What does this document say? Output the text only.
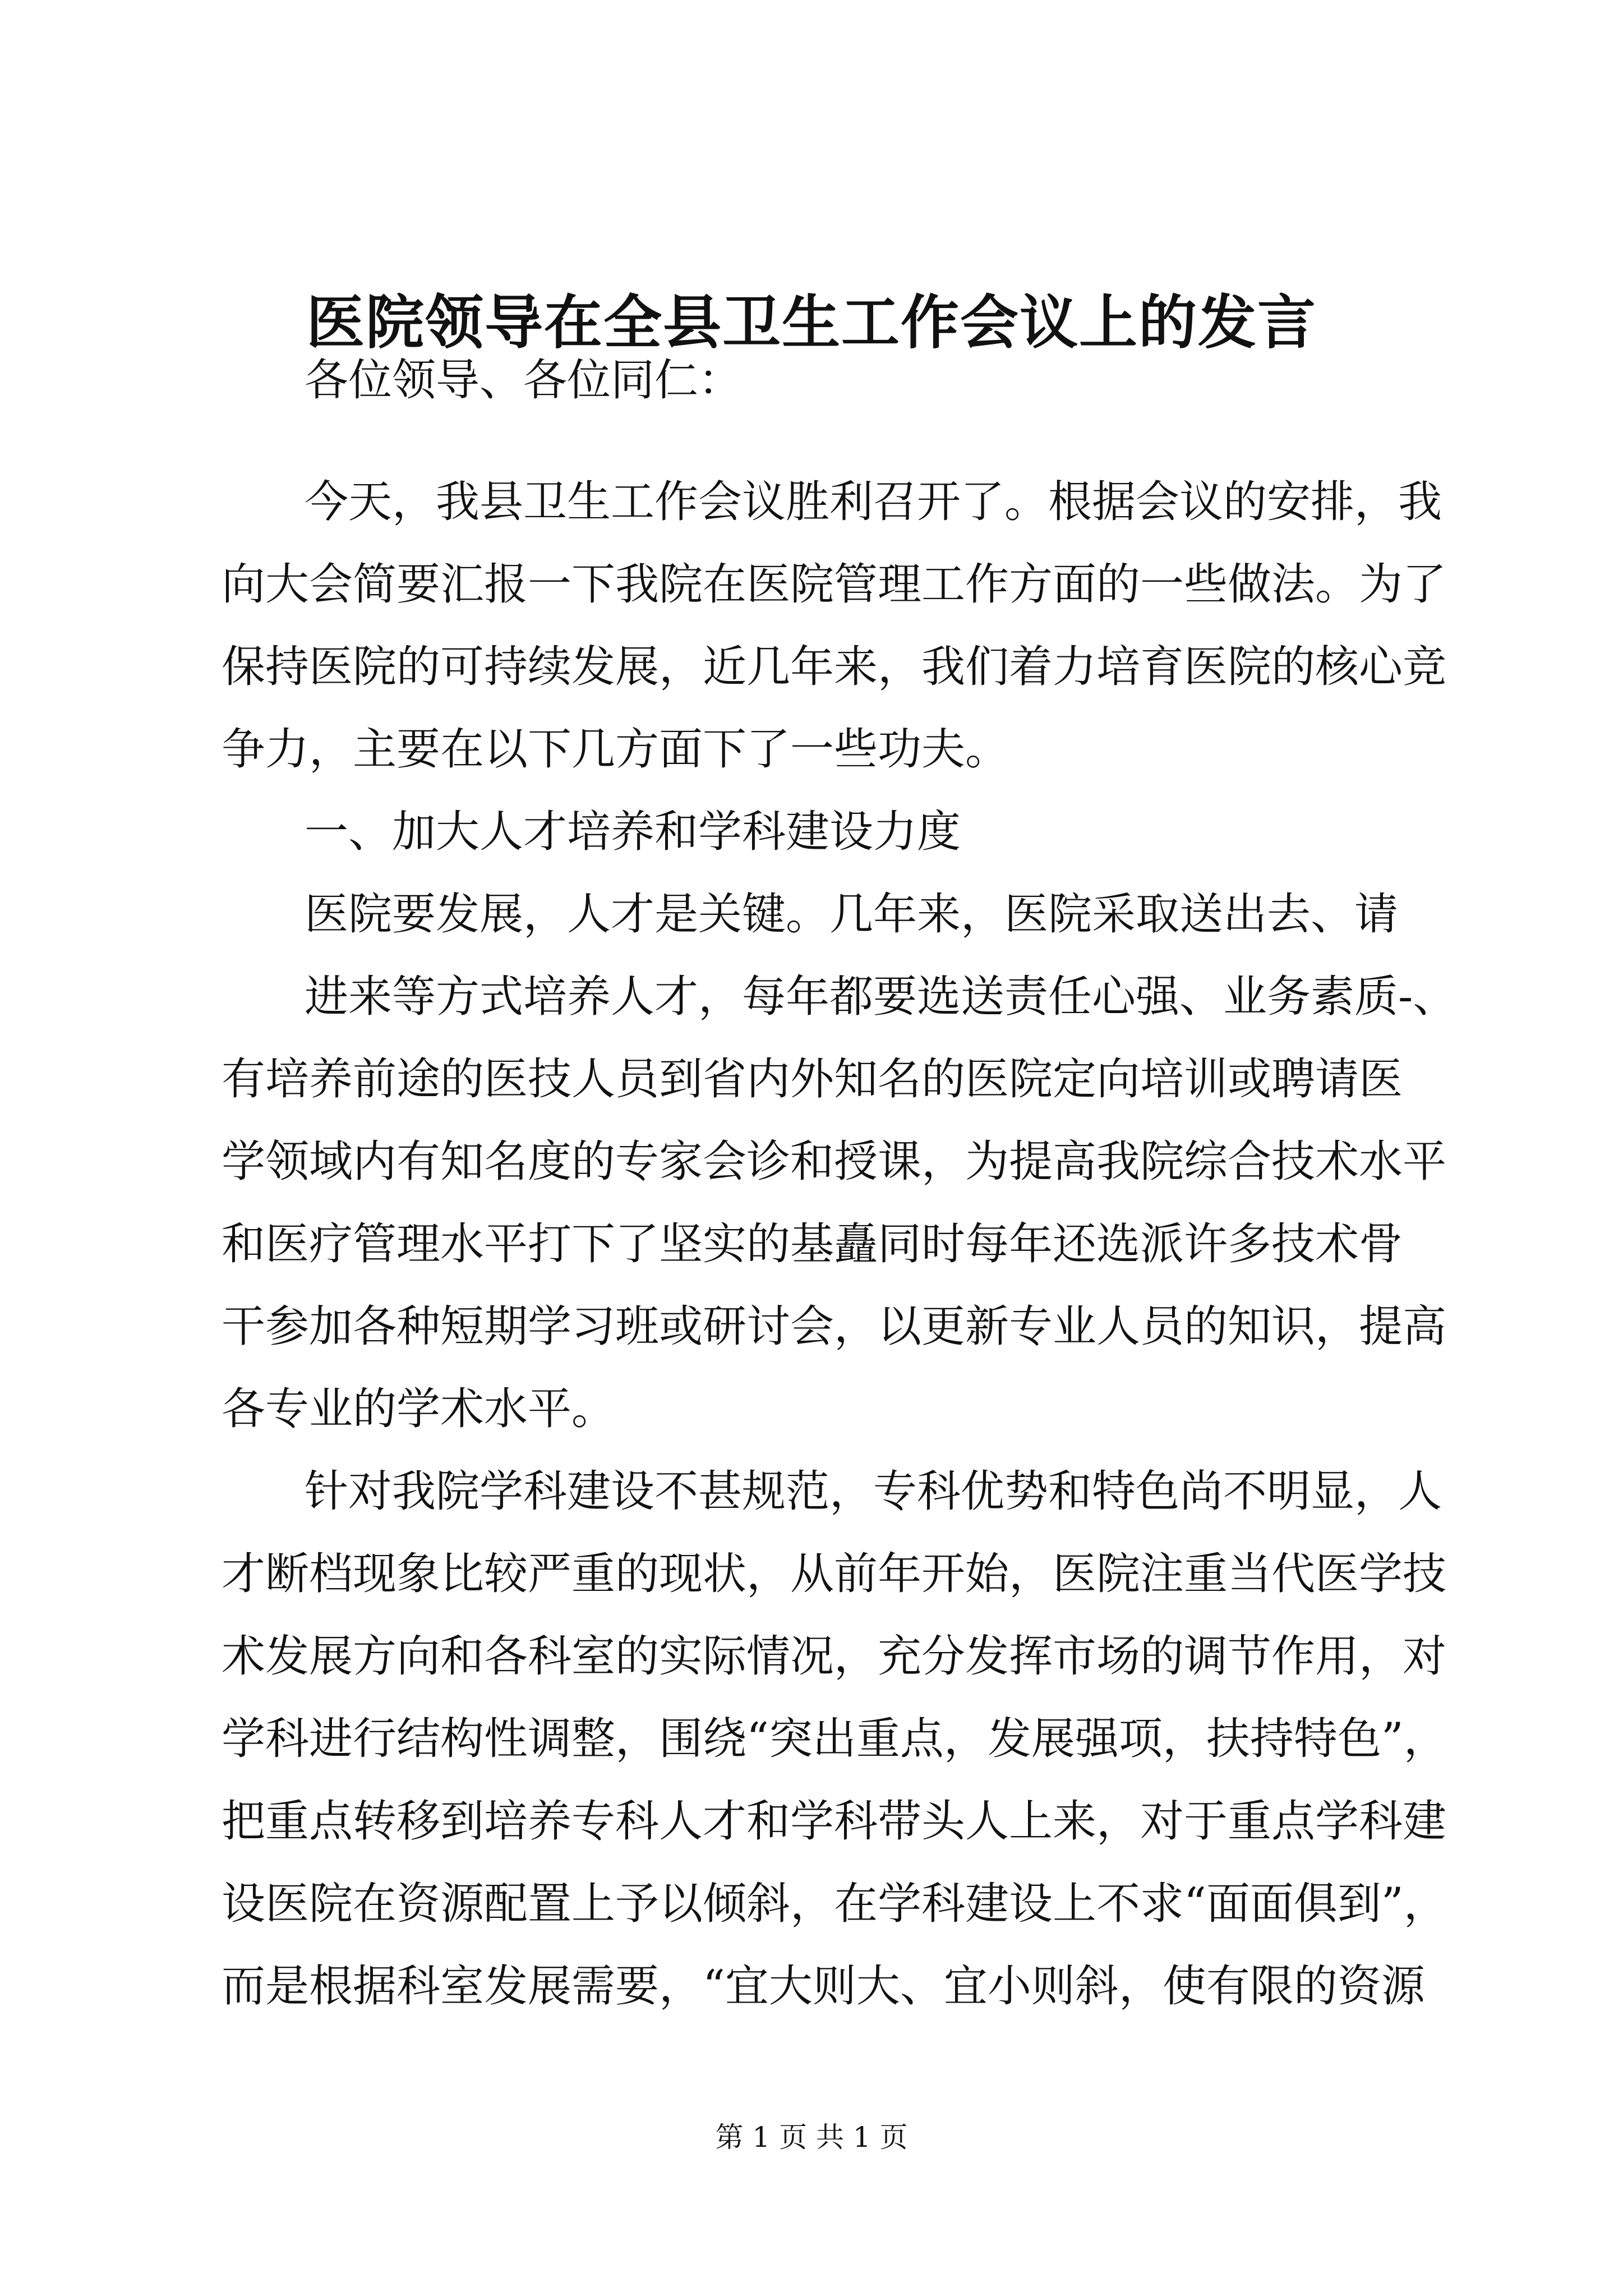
医院领导在全县卫生工作会议上的发言
各位领导、各位同仁：
今天，我县卫生工作会议胜利召开了。根据会议的安排，我
向大会简要汇报一下我院在医院管理工作方面的一些做法。为了
保持医院的可持续发展，近几年来，我们着力培育医院的核心竞
争力，主要在以下几方面下了一些功夫。
一、加大人才培养和学科建设力度
医院要发展，人才是关键。几年来，医院采取送出去、请
进来等方式培养人才，每年都要选送责任心强、业务素质-、
有培养前途的医技人员到省内外知名的医院定向培训或聘请医
学领域内有知名度的专家会诊和授课，为提高我院综合技术水平
和医疗管理水平打下了坚实的基矗同时每年还选派许多技术骨
干参加各种短期学习班或研讨会，以更新专业人员的知识，提高
各专业的学术水平。
针对我院学科建设不甚规范，专科优势和特色尚不明显，人
才断档现象比较严重的现状，从前年开始，医院注重当代医学技
术发展方向和各科室的实际情况，充分发挥市场的调节作用，对
学科进行结构性调整，围绕“突出重点，发展强项，扶持特色”，
把重点转移到培养专科人才和学科带头人上来，对于重点学科建
设医院在资源配置上予以倾斜，在学科建设上不求“面面俱到”，
而是根据科室发展需要，“宜大则大、宜小则斜，使有限的资源
第 1 页 共 1 页
